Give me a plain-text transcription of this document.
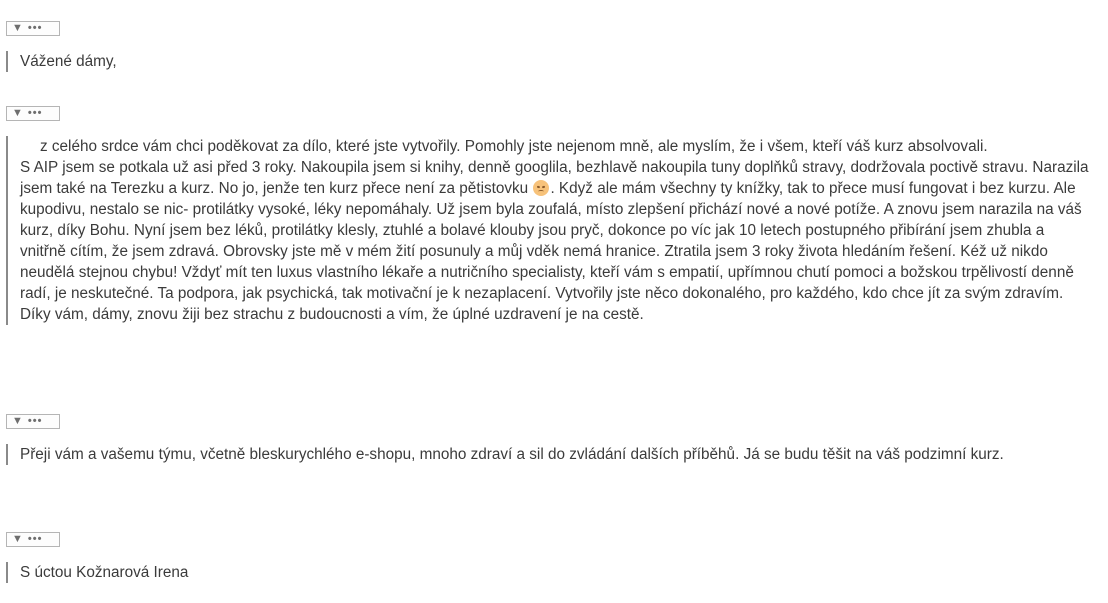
▼ •••

Vážené dámy,

▼ •••

z celého srdce vám chci poděkovat za dílo, které jste vytvořily. Pomohly jste nejenom mně, ale myslím, že i všem, kteří váš kurz absolvovali.

S AIP jsem se potkala už asi před 3 roky. Nakoupila jsem si knihy, denně googlila, bezhlavě nakoupila tuny doplňků stravy, dodržovala poctivě stravu. Narazila jsem také na Terezku a kurz. No jo, jenže ten kurz přece není za pětistovku . Když ale mám všechny ty knížky, tak to přece musí fungovat i bez kurzu. Ale kupodivu, nestalo se nic- protilátky vysoké, léky nepomáhaly. Už jsem byla zoufalá, místo zlepšení přichází nové a nové potíže. A znovu jsem narazila na váš kurz, díky Bohu. Nyní jsem bez léků, protilátky klesly, ztuhlé a bolavé klouby jsou pryč, dokonce po víc jak 10 letech postupného přibírání jsem zhubla a vnitřně cítím, že jsem zdravá. Obrovsky jste mě v mém žití posunuly a můj vděk nemá hranice. Ztratila jsem 3 roky života hledáním řešení. Kéž už nikdo neudělá stejnou chybu! Vždyť mít ten luxus vlastního lékaře a nutričního specialisty, kteří vám s empatií, upřímnou chutí pomoci a božskou trpělivostí denně radí, je neskutečné. Ta podpora, jak psychická, tak motivační je k nezaplacení. Vytvořily jste něco dokonalého, pro každého, kdo chce jít za svým zdravím.

Díky vám, dámy, znovu žiji bez strachu z budoucnosti a vím, že úplné uzdravení je na cestě.

▼ •••

Přeji vám a vašemu týmu, včetně bleskurychlého e-shopu, mnoho zdraví a sil do zvládání dalších příběhů. Já se budu těšit na váš podzimní kurz.

▼ •••

S úctou Kožnarová Irena
